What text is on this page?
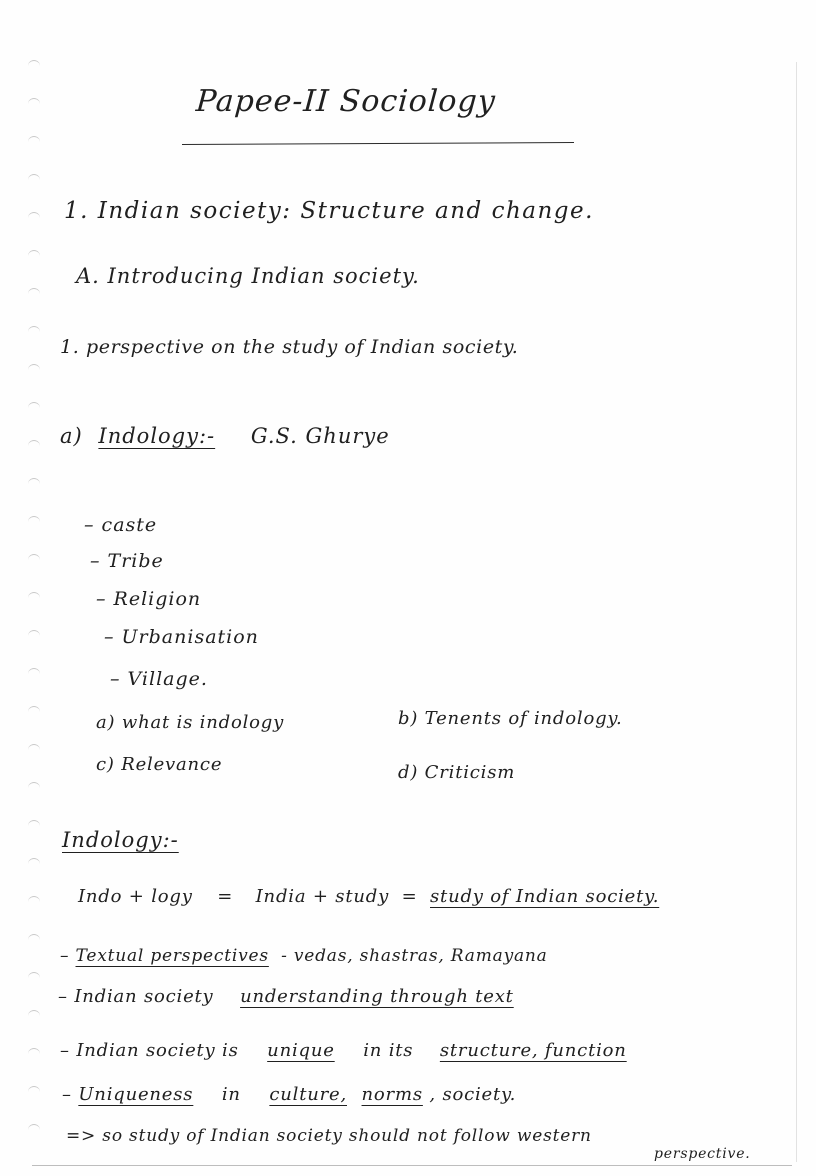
Papee-II Sociology
1. Indian society: Structure and change.
A. Introducing Indian society.
1. perspective on the study of Indian society.
a) Indology:- G.S. Ghurye
– caste
– Tribe
– Religion
– Urbanisation
– Village.
a) what is indology	b) Tenents of indology.
c) Relevance	d) Criticism
Indology:-
Indo + logy = India + study = study of Indian society.
– Textual perspectives - vedas, shastras, Ramayana
– Indian society understanding through text
– Indian society is unique in its structure, function
– Uniqueness in culture, norms , society.
=> so study of Indian society should not follow western
perspective.
